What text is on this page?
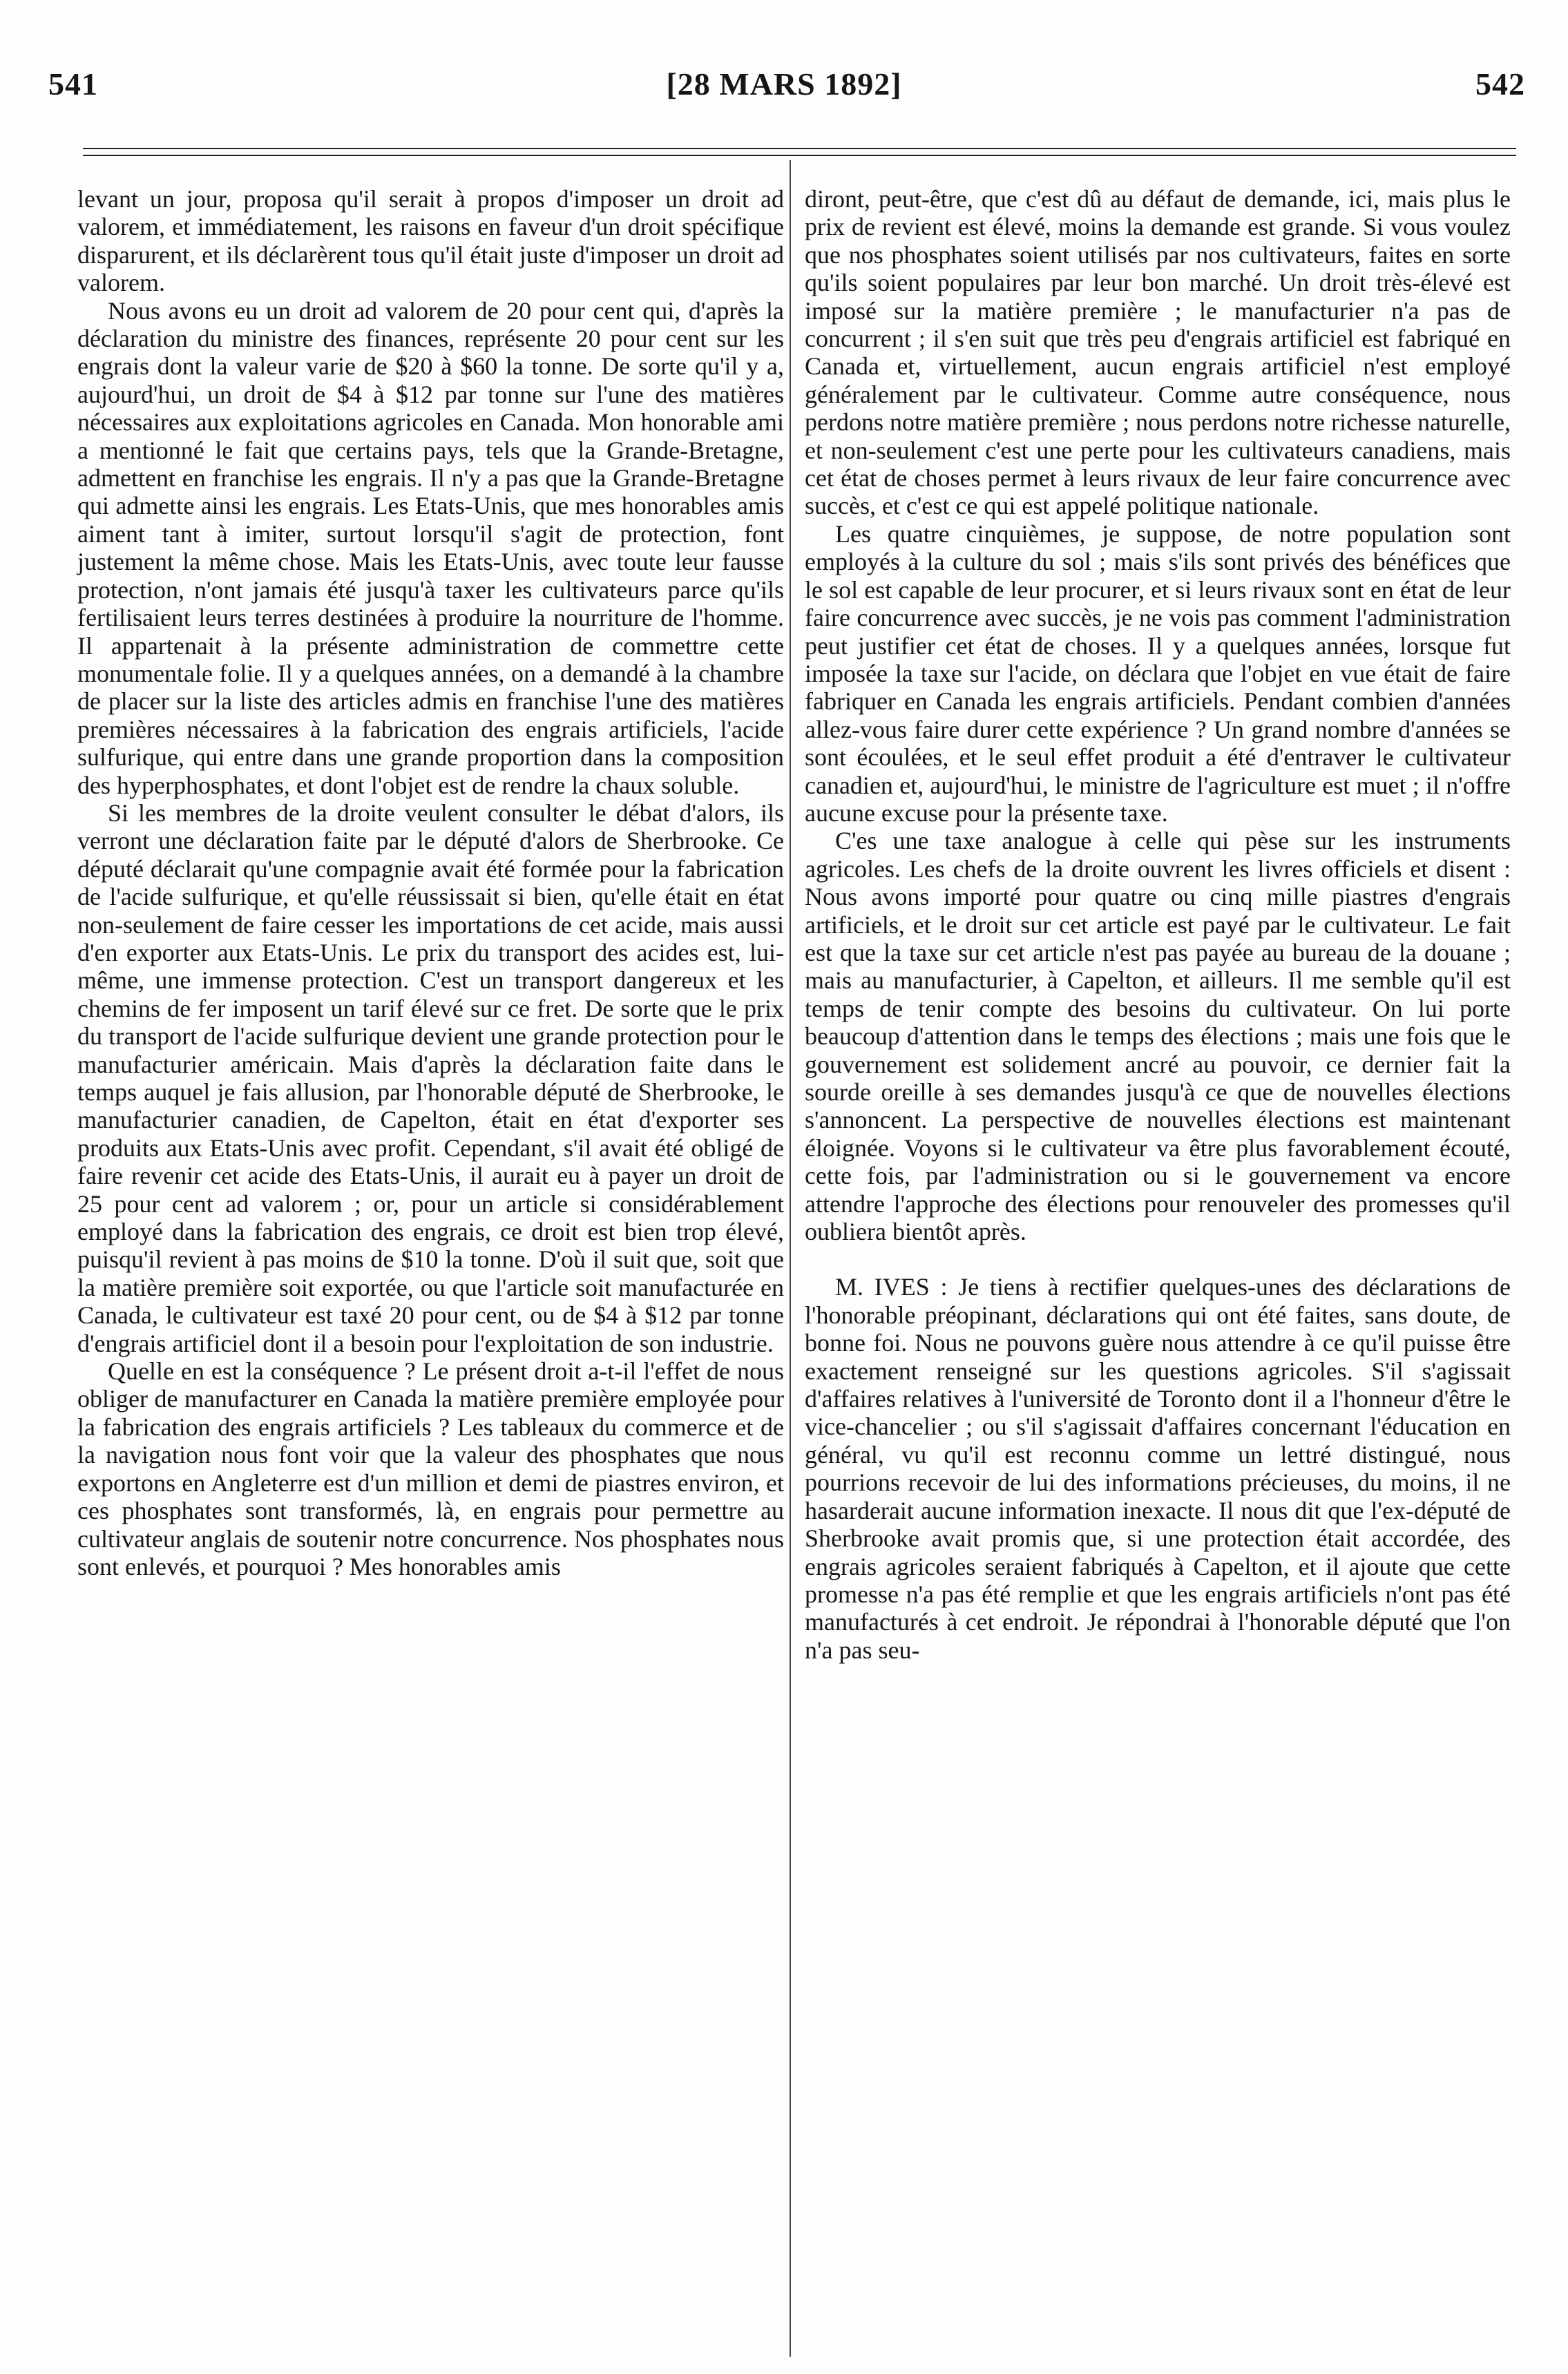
541	[28 MARS 1892]	542

levant un jour, proposa qu'il serait à propos d'imposer un droit ad valorem, et immédiatement, les raisons en faveur d'un droit spécifique disparurent, et ils déclarèrent tous qu'il était juste d'imposer un droit ad valorem.

Nous avons eu un droit ad valorem de 20 pour cent qui, d'après la déclaration du ministre des finances, représente 20 pour cent sur les engrais dont la valeur varie de $20 à $60 la tonne. De sorte qu'il y a, aujourd'hui, un droit de $4 à $12 par tonne sur l'une des matières nécessaires aux exploitations agricoles en Canada. Mon honorable ami a mentionné le fait que certains pays, tels que la Grande-Bretagne, admettent en franchise les engrais. Il n'y a pas que la Grande-Bretagne qui admette ainsi les engrais. Les Etats-Unis, que mes honorables amis aiment tant à imiter, surtout lorsqu'il s'agit de protection, font justement la même chose. Mais les Etats-Unis, avec toute leur fausse protection, n'ont jamais été jusqu'à taxer les cultivateurs parce qu'ils fertilisaient leurs terres destinées à produire la nourriture de l'homme. Il appartenait à la présente administration de commettre cette monumentale folie. Il y a quelques années, on a demandé à la chambre de placer sur la liste des articles admis en franchise l'une des matières premières nécessaires à la fabrication des engrais artificiels, l'acide sulfurique, qui entre dans une grande proportion dans la composition des hyperphosphates, et dont l'objet est de rendre la chaux soluble.

Si les membres de la droite veulent consulter le débat d'alors, ils verront une déclaration faite par le député d'alors de Sherbrooke. Ce député déclarait qu'une compagnie avait été formée pour la fabrication de l'acide sulfurique, et qu'elle réussissait si bien, qu'elle était en état non-seulement de faire cesser les importations de cet acide, mais aussi d'en exporter aux Etats-Unis. Le prix du transport des acides est, lui-même, une immense protection. C'est un transport dangereux et les chemins de fer imposent un tarif élevé sur ce fret. De sorte que le prix du transport de l'acide sulfurique devient une grande protection pour le manufacturier américain. Mais d'après la déclaration faite dans le temps auquel je fais allusion, par l'honorable député de Sherbrooke, le manufacturier canadien, de Capelton, était en état d'exporter ses produits aux Etats-Unis avec profit. Cependant, s'il avait été obligé de faire revenir cet acide des Etats-Unis, il aurait eu à payer un droit de 25 pour cent ad valorem ; or, pour un article si considérablement employé dans la fabrication des engrais, ce droit est bien trop élevé, puisqu'il revient à pas moins de $10 la tonne. D'où il suit que, soit que la matière première soit exportée, ou que l'article soit manufacturée en Canada, le cultivateur est taxé 20 pour cent, ou de $4 à $12 par tonne d'engrais artificiel dont il a besoin pour l'exploitation de son industrie.

Quelle en est la conséquence ? Le présent droit a-t-il l'effet de nous obliger de manufacturer en Canada la matière première employée pour la fabrication des engrais artificiels ? Les tableaux du commerce et de la navigation nous font voir que la valeur des phosphates que nous exportons en Angleterre est d'un million et demi de piastres environ, et ces phosphates sont transformés, là, en engrais pour permettre au cultivateur anglais de soutenir notre concurrence. Nos phosphates nous sont enlevés, et pourquoi ? Mes honorables amis

diront, peut-être, que c'est dû au défaut de demande, ici, mais plus le prix de revient est élevé, moins la demande est grande. Si vous voulez que nos phosphates soient utilisés par nos cultivateurs, faites en sorte qu'ils soient populaires par leur bon marché. Un droit très-élevé est imposé sur la matière première ; le manufacturier n'a pas de concurrent ; il s'en suit que très peu d'engrais artificiel est fabriqué en Canada et, virtuellement, aucun engrais artificiel n'est employé généralement par le cultivateur. Comme autre conséquence, nous perdons notre matière première ; nous perdons notre richesse naturelle, et non-seulement c'est une perte pour les cultivateurs canadiens, mais cet état de choses permet à leurs rivaux de leur faire concurrence avec succès, et c'est ce qui est appelé politique nationale.

Les quatre cinquièmes, je suppose, de notre population sont employés à la culture du sol ; mais s'ils sont privés des bénéfices que le sol est capable de leur procurer, et si leurs rivaux sont en état de leur faire concurrence avec succès, je ne vois pas comment l'administration peut justifier cet état de choses. Il y a quelques années, lorsque fut imposée la taxe sur l'acide, on déclara que l'objet en vue était de faire fabriquer en Canada les engrais artificiels. Pendant combien d'années allez-vous faire durer cette expérience ? Un grand nombre d'années se sont écoulées, et le seul effet produit a été d'entraver le cultivateur canadien et, aujourd'hui, le ministre de l'agriculture est muet ; il n'offre aucune excuse pour la présente taxe.

C'es une taxe analogue à celle qui pèse sur les instruments agricoles. Les chefs de la droite ouvrent les livres officiels et disent : Nous avons importé pour quatre ou cinq mille piastres d'engrais artificiels, et le droit sur cet article est payé par le cultivateur. Le fait est que la taxe sur cet article n'est pas payée au bureau de la douane ; mais au manufacturier, à Capelton, et ailleurs. Il me semble qu'il est temps de tenir compte des besoins du cultivateur. On lui porte beaucoup d'attention dans le temps des élections ; mais une fois que le gouvernement est solidement ancré au pouvoir, ce dernier fait la sourde oreille à ses demandes jusqu'à ce que de nouvelles élections s'annoncent. La perspective de nouvelles élections est maintenant éloignée. Voyons si le cultivateur va être plus favorablement écouté, cette fois, par l'administration ou si le gouvernement va encore attendre l'approche des élections pour renouveler des promesses qu'il oubliera bientôt après.

M. IVES : Je tiens à rectifier quelques-unes des déclarations de l'honorable préopinant, déclarations qui ont été faites, sans doute, de bonne foi. Nous ne pouvons guère nous attendre à ce qu'il puisse être exactement renseigné sur les questions agricoles. S'il s'agissait d'affaires relatives à l'université de Toronto dont il a l'honneur d'être le vice-chancelier ; ou s'il s'agissait d'affaires concernant l'éducation en général, vu qu'il est reconnu comme un lettré distingué, nous pourrions recevoir de lui des informations précieuses, du moins, il ne hasarderait aucune information inexacte. Il nous dit que l'ex-député de Sherbrooke avait promis que, si une protection était accordée, des engrais agricoles seraient fabriqués à Capelton, et il ajoute que cette promesse n'a pas été remplie et que les engrais artificiels n'ont pas été manufacturés à cet endroit. Je répondrai à l'honorable député que l'on n'a pas seu-
